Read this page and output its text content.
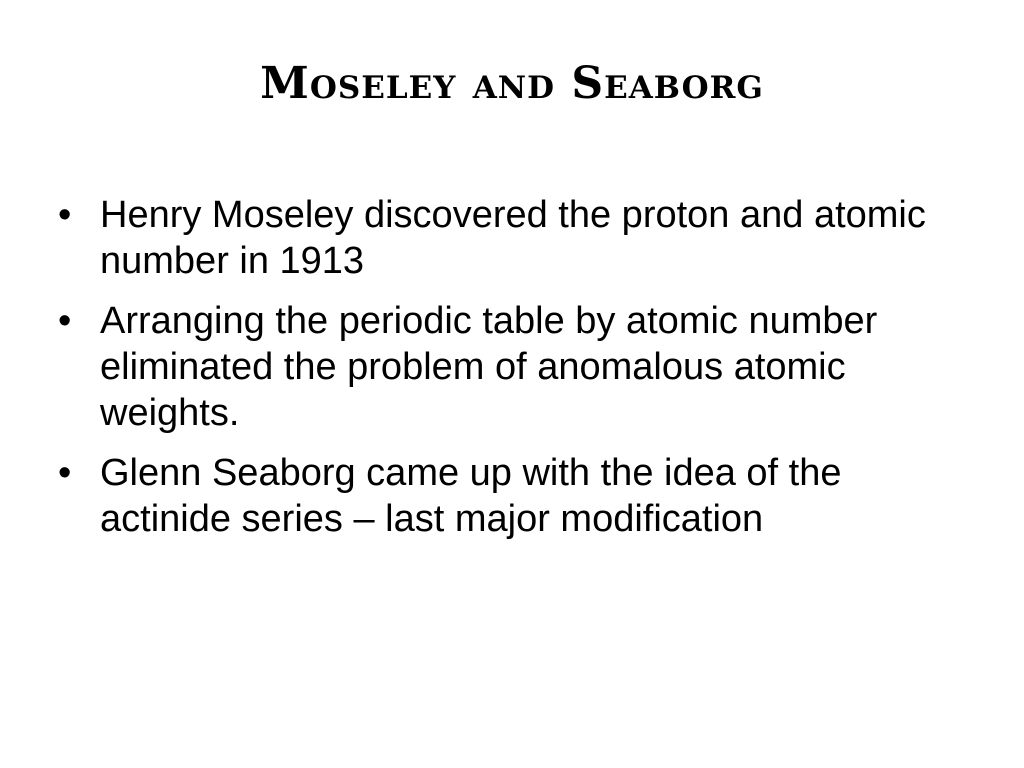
Moseley and Seaborg
• Henry Moseley discovered the proton and atomic number in 1913
• Arranging the periodic table by atomic number eliminated the problem of anomalous atomic weights.
• Glenn Seaborg came up with the idea of the actinide series – last major modification
